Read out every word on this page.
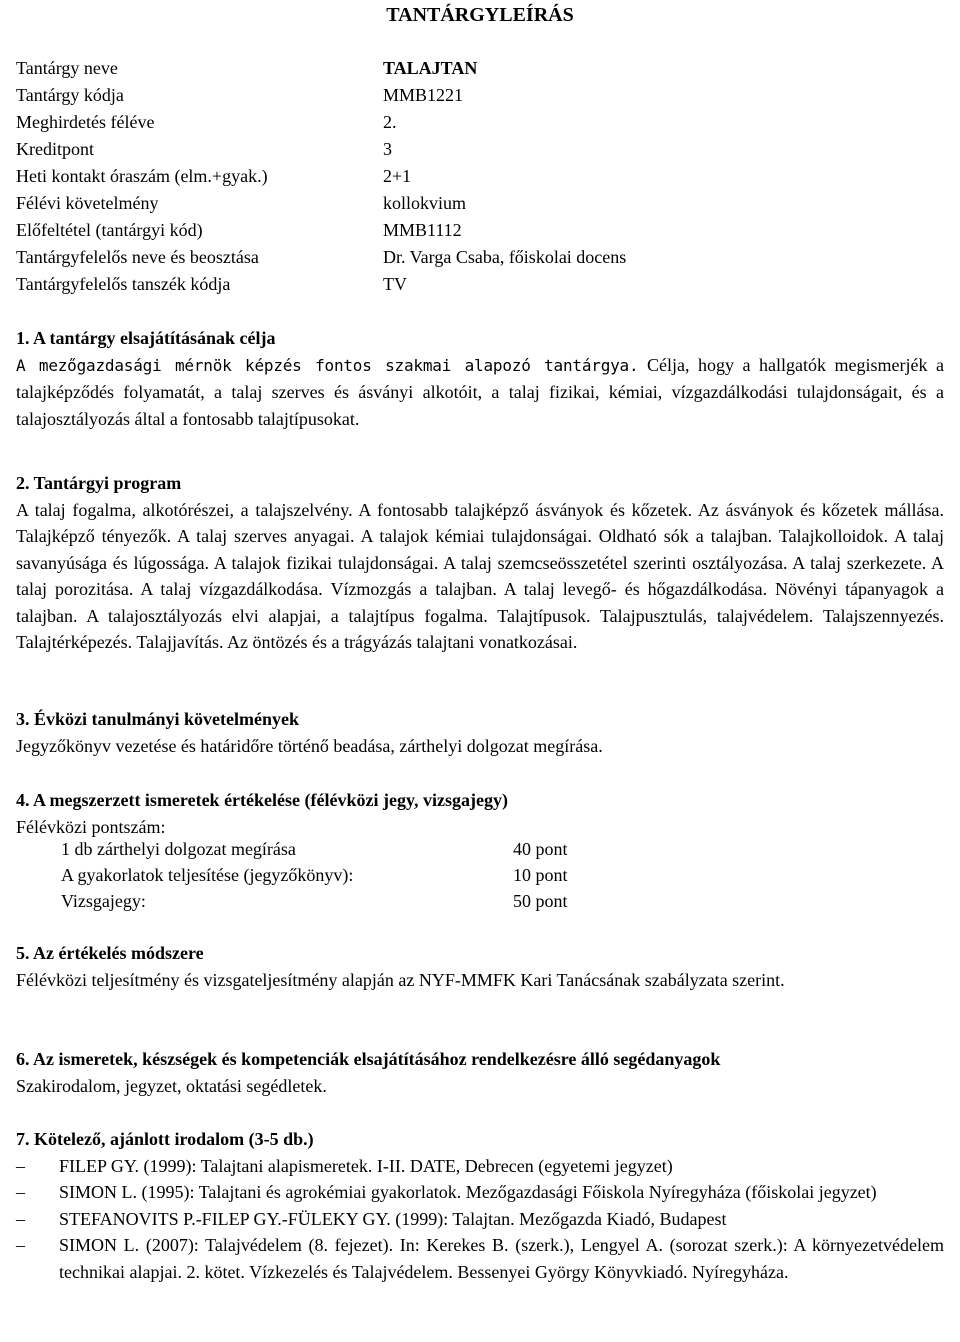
TANTÁRGYLEÍRÁS
Tantárgy neve	TALAJTAN
Tantárgy kódja	MMB1221
Meghirdetés féléve	2.
Kreditpont	3
Heti kontakt óraszám (elm.+gyak.)	2+1
Félévi követelmény	kollokvium
Előfeltétel (tantárgyi kód)	MMB1112
Tantárgyfelelős neve és beosztása	Dr. Varga Csaba, főiskolai docens
Tantárgyfelelős tanszék kódja	TV
1. A tantárgy elsajátításának célja

A mezőgazdasági mérnök képzés fontos szakmai alapozó tantárgya. Célja, hogy a hallgatók megismerjék a talajképződés folyamatát, a talaj szerves és ásványi alkotóit, a talaj fizikai, kémiai, vízgazdálkodási tulajdonságait, és a talajosztályozás által a fontosabb talajtípusokat.

2. Tantárgyi program

A talaj fogalma, alkotórészei, a talajszelvény. A fontosabb talajképző ásványok és kőzetek. Az ásványok és kőzetek mállása. Talajképző tényezők. A talaj szerves anyagai. A talajok kémiai tulajdonságai. Oldható sók a talajban. Talajkolloidok. A talaj savanyúsága és lúgossága. A talajok fizikai tulajdonságai. A talaj szemcseösszetétel szerinti osztályozása. A talaj szerkezete. A talaj porozitása. A talaj vízgazdálkodása. Vízmozgás a talajban. A talaj levegő- és hőgazdálkodása. Növényi tápanyagok a talajban. A talajosztályozás elvi alapjai, a talajtípus fogalma. Talajtípusok. Talajpusztulás, talajvédelem. Talajszennyezés. Talajtérképezés. Talajjavítás. Az öntözés és a trágyázás talajtani vonatkozásai.

3. Évközi tanulmányi követelmények

Jegyzőkönyv vezetése és határidőre történő beadása, zárthelyi dolgozat megírása.

4. A megszerzett ismeretek értékelése (félévközi jegy, vizsgajegy)

Félévközi pontszám:

1 db zárthelyi dolgozat megírása	40 pont
A gyakorlatok teljesítése (jegyzőkönyv):	10 pont
Vizsgajegy:	50 pont
5. Az értékelés módszere

Félévközi teljesítmény és vizsgateljesítmény alapján az NYF-MMFK Kari Tanácsának szabályzata szerint.

6. Az ismeretek, készségek és kompetenciák elsajátításához rendelkezésre álló segédanyagok

Szakirodalom, jegyzet, oktatási segédletek.

7. Kötelező, ajánlott irodalom (3-5 db.)
– FILEP GY. (1999): Talajtani alapismeretek. I-II. DATE, Debrecen (egyetemi jegyzet)
– SIMON L. (1995): Talajtani és agrokémiai gyakorlatok. Mezőgazdasági Főiskola Nyíregyháza (főiskolai jegyzet)
– STEFANOVITS P.-FILEP GY.-FÜLEKY GY. (1999): Talajtan. Mezőgazda Kiadó, Budapest
– SIMON L. (2007): Talajvédelem (8. fejezet). In: Kerekes B. (szerk.), Lengyel A. (sorozat szerk.): A környezetvédelem technikai alapjai. 2. kötet. Vízkezelés és Talajvédelem. Bessenyei György Könyvkiadó. Nyíregyháza.
